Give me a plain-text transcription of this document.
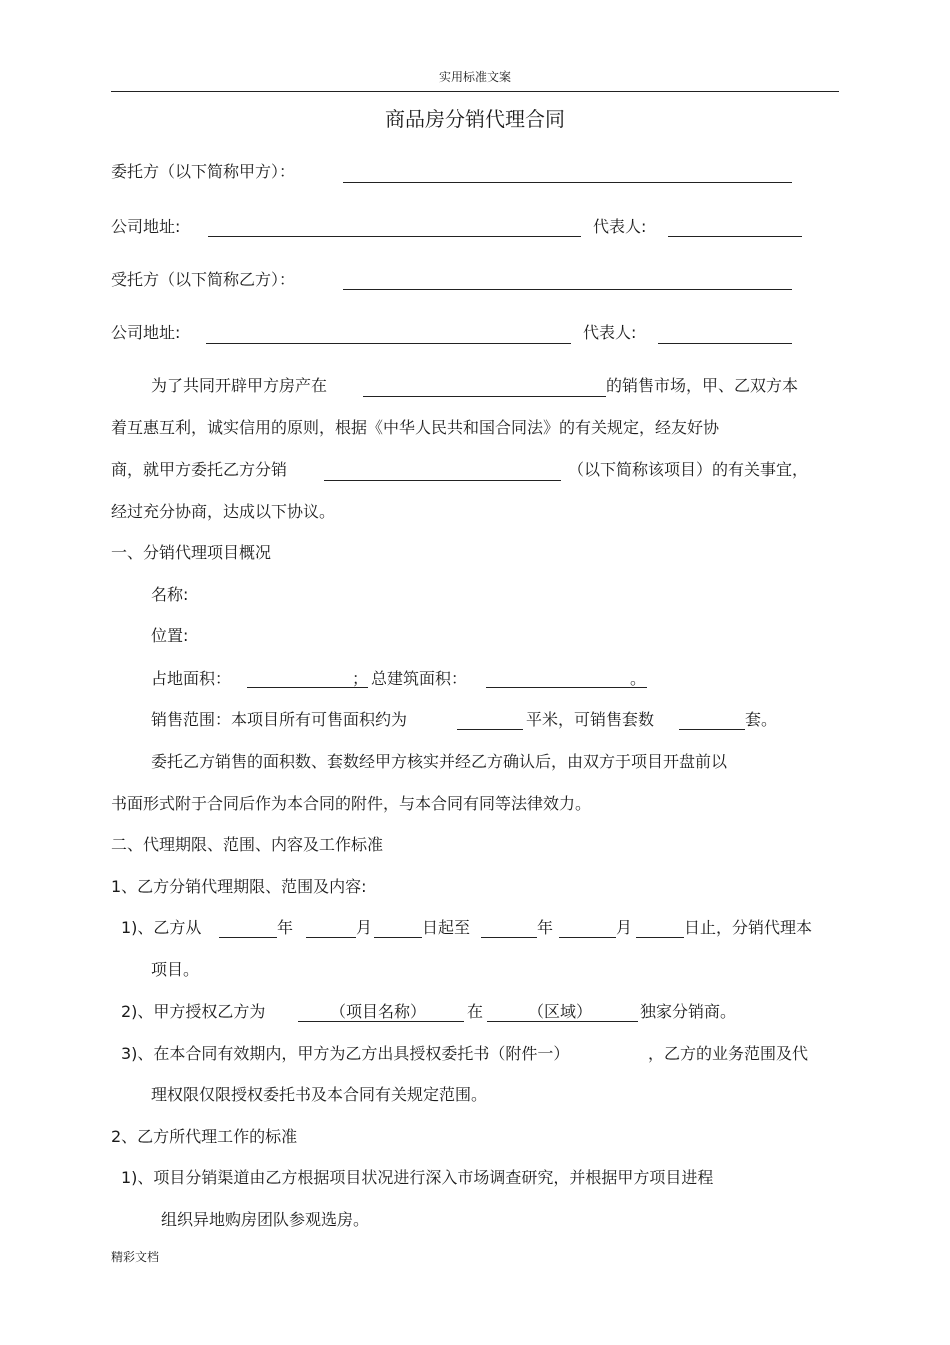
实用标准文案
商品房分销代理合同
委托方（以下简称甲方）：
公司地址:	代表人:
受托方（以下简称乙方）：
公司地址:	代表人:
为了共同开辟甲方房产在	的销售市场，甲、乙双方本
着互惠互利，诚实信用的原则，根据《中华人民共和国合同法》的有关规定，经友好协
商，就甲方委托乙方分销	（以下简称该项目）的有关事宜，
经过充分协商，达成以下协议。
一、分销代理项目概况
名称:
位置:
占地面积：	； 总建筑面积：	。
销售范围：本项目所有可售面积约为	平米，可销售套数	套。
委托乙方销售的面积数、套数经甲方核实并经乙方确认后，由双方于项目开盘前以
书面形式附于合同后作为本合同的附件，与本合同有同等法律效力。
二、代理期限、范围、内容及工作标准
1、乙方分销代理期限、范围及内容:
1)、乙方从	年	月	日起至	年	月	日止，分销代理本
项目。
2)、甲方授权乙方为	（项目名称）	在	（区域）	独家分销商。
3)、在本合同有效期内，甲方为乙方出具授权委托书（附件一）	，乙方的业务范围及代
理权限仅限授权委托书及本合同有关规定范围。
2、乙方所代理工作的标准
1)、项目分销渠道由乙方根据项目状况进行深入市场调查研究，并根据甲方项目进程
组织异地购房团队参观选房。
精彩文档
